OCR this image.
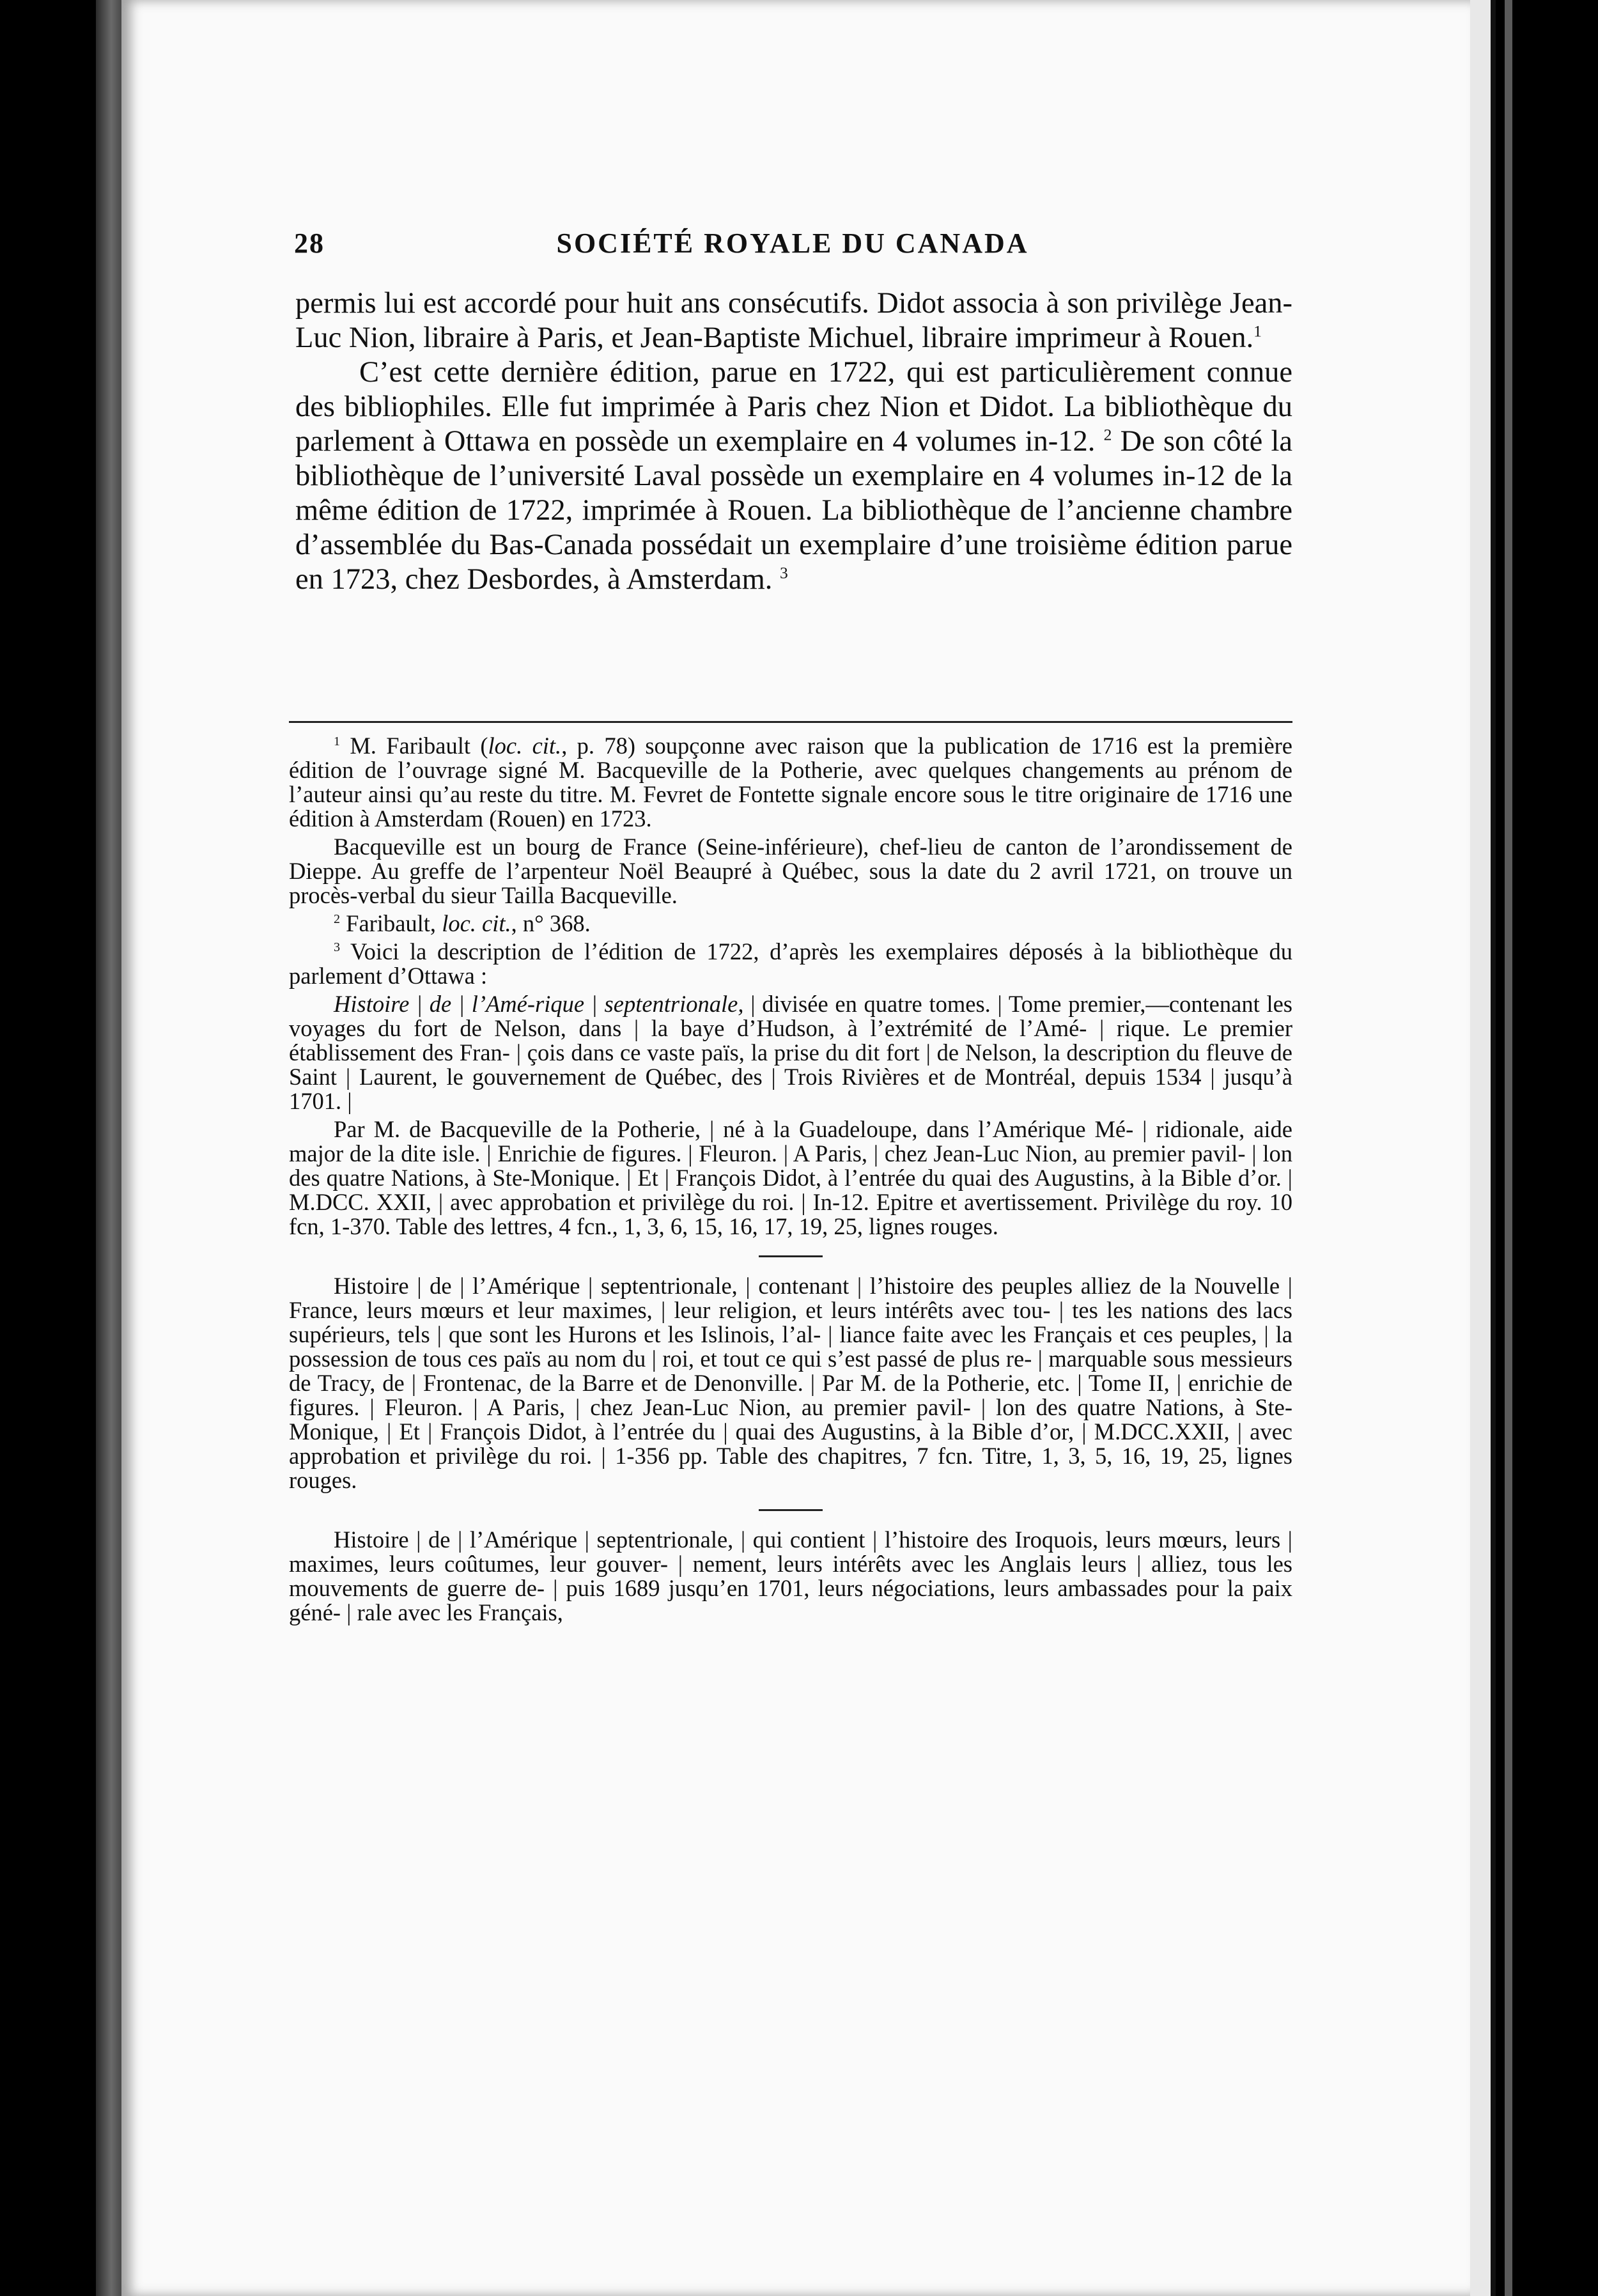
28	SOCIÉTÉ ROYALE DU CANADA

permis lui est accordé pour huit ans consécutifs. Didot associa à son privilège Jean-Luc Nion, libraire à Paris, et Jean-Baptiste Michuel, libraire imprimeur à Rouen.$^1$

C’est cette dernière édition, parue en 1722, qui est particulièrement connue des bibliophiles. Elle fut imprimée à Paris chez Nion et Didot. La bibliothèque du parlement à Ottawa en possède un exemplaire en 4 volumes in-12. $^2$ De son côté la bibliothèque de l’université Laval possède un exemplaire en 4 volumes in-12 de la même édition de 1722, imprimée à Rouen. La bibliothèque de l’ancienne chambre d’assemblée du Bas-Canada possédait un exemplaire d’une troisième édition parue en 1723, chez Desbordes, à Amsterdam. $^3$

$^1$ M. Faribault (loc. cit., p. 78) soupçonne avec raison que la publication de 1716 est la première édition de l’ouvrage signé M. Bacqueville de la Potherie, avec quelques changements au prénom de l’auteur ainsi qu’au reste du titre. M. Fevret de Fontette signale encore sous le titre originaire de 1716 une édition à Amsterdam (Rouen) en 1723.

Bacqueville est un bourg de France (Seine-inférieure), chef-lieu de canton de l’arondissement de Dieppe. Au greffe de l’arpenteur Noël Beaupré à Québec, sous la date du 2 avril 1721, on trouve un procès-verbal du sieur Tailla Bacqueville.

$^2$ Faribault, loc. cit., n° 368.

$^3$ Voici la description de l’édition de 1722, d’après les exemplaires déposés à la bibliothèque du parlement d’Ottawa :

Histoire | de | l’Amé-rique | septentrionale, | divisée en quatre tomes. | Tome premier,—contenant les voyages du fort de Nelson, dans | la baye d’Hudson, à l’extrémité de l’Amé- | rique. Le premier établissement des Fran- | çois dans ce vaste païs, la prise du dit fort | de Nelson, la description du fleuve de Saint | Laurent, le gouvernement de Québec, des | Trois Rivières et de Montréal, depuis 1534 | jusqu’à 1701. |

Par M. de Bacqueville de la Potherie, | né à la Guadeloupe, dans l’Amérique Mé- | ridionale, aide major de la dite isle. | Enrichie de figures. | Fleuron. | A Paris, | chez Jean-Luc Nion, au premier pavil- | lon des quatre Nations, à Ste-Monique. | Et | François Didot, à l’entrée du quai des Augustins, à la Bible d’or. | M.DCC. XXII, | avec approbation et privilège du roi. | In-12. Epitre et avertissement. Privilège du roy. 10 fcn, 1-370. Table des lettres, 4 fcn., 1, 3, 6, 15, 16, 17, 19, 25, lignes rouges.

Histoire | de | l’Amérique | septentrionale, | contenant | l’histoire des peuples alliez de la Nouvelle | France, leurs mœurs et leur maximes, | leur religion, et leurs intérêts avec tou- | tes les nations des lacs supérieurs, tels | que sont les Hurons et les Islinois, l’al- | liance faite avec les Français et ces peuples, | la possession de tous ces païs au nom du | roi, et tout ce qui s’est passé de plus re- | marquable sous messieurs de Tracy, de | Frontenac, de la Barre et de Denonville. | Par M. de la Potherie, etc. | Tome II, | enrichie de figures. | Fleuron. | A Paris, | chez Jean-Luc Nion, au premier pavil- | lon des quatre Nations, à Ste-Monique, | Et | François Didot, à l’entrée du | quai des Augustins, à la Bible d’or, | M.DCC.XXII, | avec approbation et privilège du roi. | 1-356 pp. Table des chapitres, 7 fcn. Titre, 1, 3, 5, 16, 19, 25, lignes rouges.

Histoire | de | l’Amérique | septentrionale, | qui contient | l’histoire des Iroquois, leurs mœurs, leurs | maximes, leurs coûtumes, leur gouver- | nement, leurs intérêts avec les Anglais leurs | alliez, tous les mouvements de guerre de- | puis 1689 jusqu’en 1701, leurs négociations, leurs ambassades pour la paix géné- | rale avec les Français,
